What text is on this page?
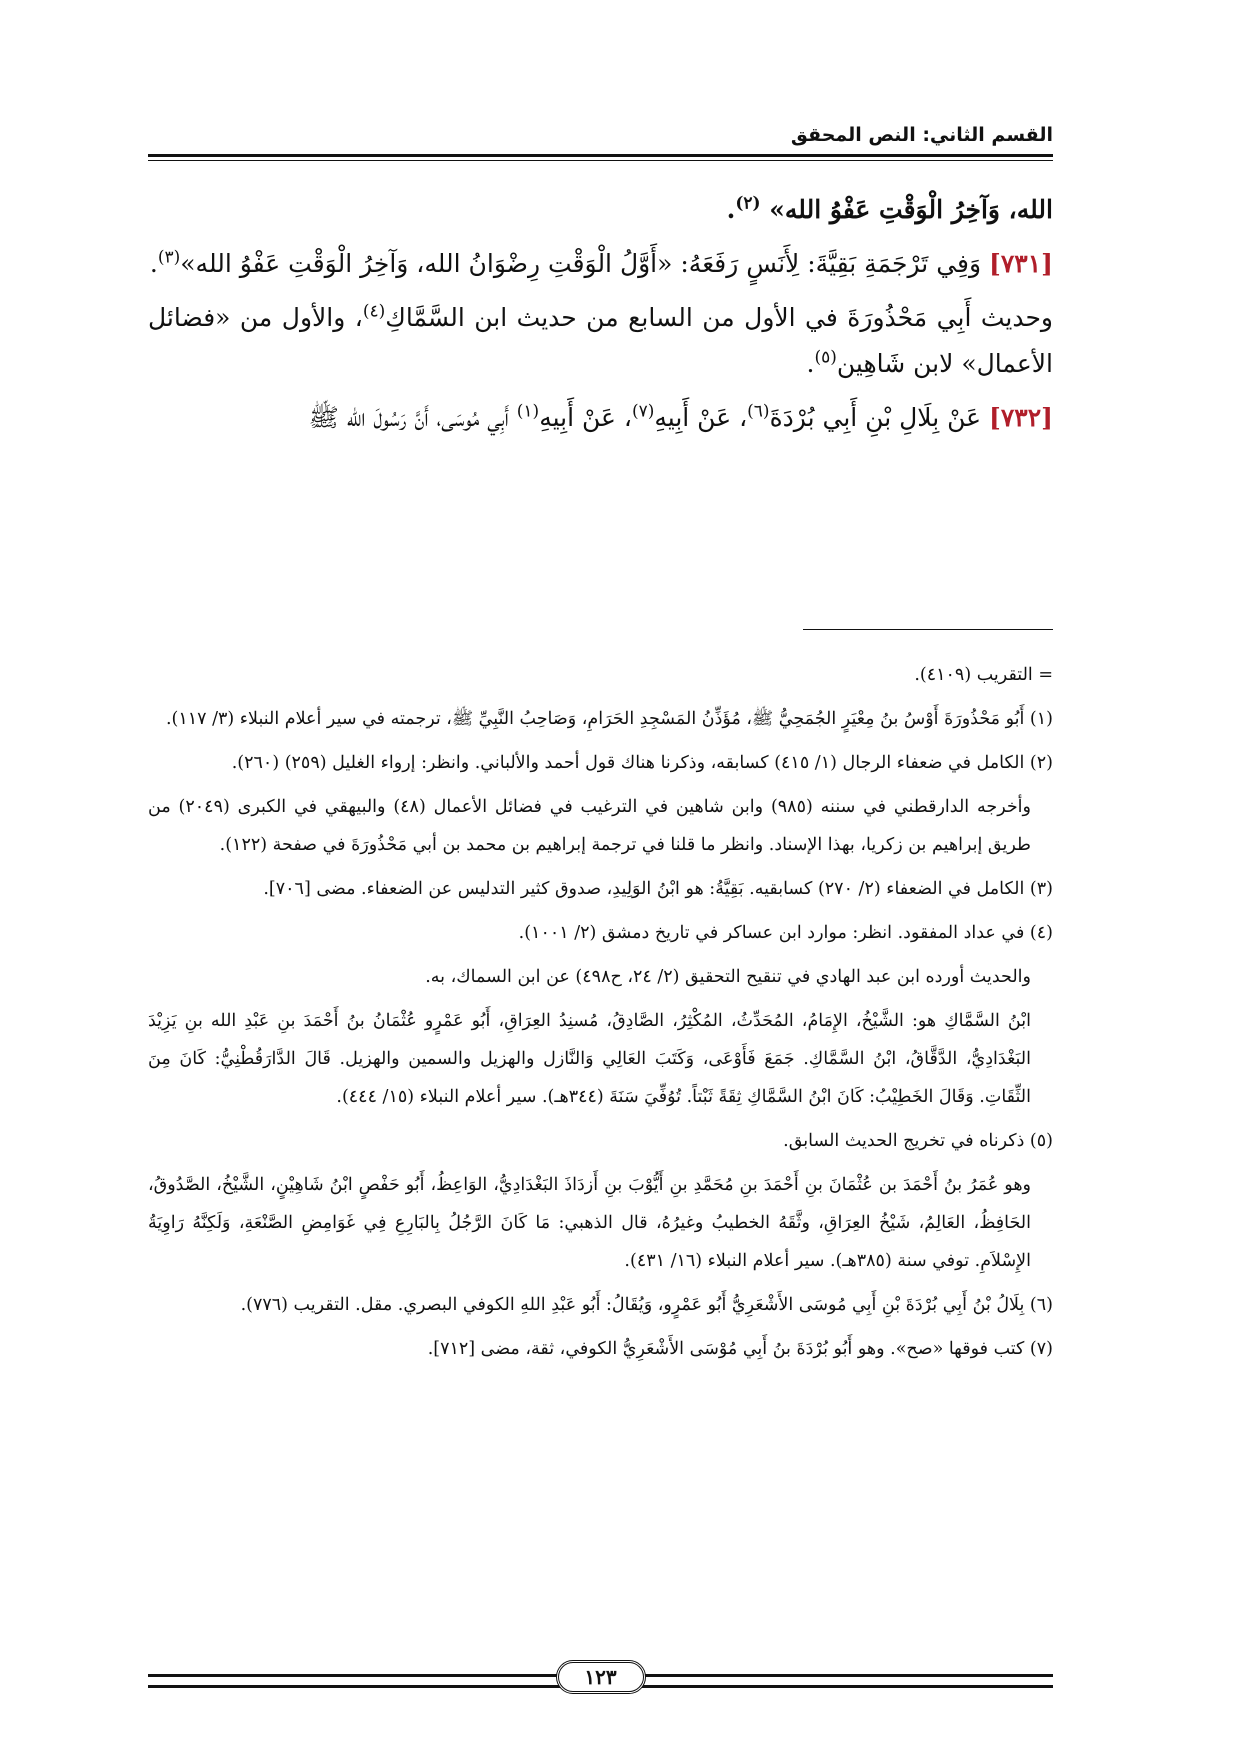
القسم الثاني: النص المحقق

الله، وَآخِرُ الْوَقْتِ عَفْوُ الله» $^{(٢)}$.

[٧٣١] وَفِي تَرْجَمَةِ بَقِيَّةَ: لِأَنَسٍ رَفَعَهُ: «أَوَّلُ الْوَقْتِ رِضْوَانُ الله، وَآخِرُ الْوَقْتِ عَفْوُ الله»$^{(٣)}$.

وحديث أَبِي مَحْذُورَةَ في الأول من السابع من حديث ابن السَّمَّاكِ$^{(٤)}$، والأول من «فضائل الأعمال» لابن شَاهِين$^{(٥)}$.

[٧٣٢] عَنْ بِلَالِ بْنِ أَبِي بُرْدَةَ$^{(٦)}$، عَنْ أَبِيهِ$^{(٧)}$، عَنْ أَبِيهِ$^{(١)}$ أَبِي مُوسَى، أَنَّ رَسُولَ الله ﷺ

= التقريب (٤١٠٩).

(١) أَبُو مَحْذُورَةَ أَوْسُ بنُ مِعْيَرٍ الجُمَحِيُّ ﷺ، مُؤَذِّنُ المَسْجِدِ الحَرَامِ، وَصَاحِبُ النَّبِيِّ ﷺ، ترجمته في سير أعلام النبلاء (٣/ ١١٧).

(٢) الكامل في ضعفاء الرجال (١/ ٤١٥) كسابقه، وذكرنا هناك قول أحمد والألباني. وانظر: إرواء الغليل (٢٥٩) (٢٦٠).

وأخرجه الدارقطني في سننه (٩٨٥) وابن شاهين في الترغيب في فضائل الأعمال (٤٨) والبيهقي في الكبرى (٢٠٤٩) من طريق إبراهيم بن زكريا، بهذا الإسناد. وانظر ما قلنا في ترجمة إبراهيم بن محمد بن أبي مَحْذُورَةَ في صفحة (١٢٢).

(٣) الكامل في الضعفاء (٢/ ٢٧٠) كسابقيه. بَقِيَّةُ: هو ابْنُ الوَلِيدِ، صدوق كثير التدليس عن الضعفاء. مضى [٧٠٦].

(٤) في عداد المفقود. انظر: موارد ابن عساكر في تاريخ دمشق (٢/ ١٠٠١).

والحديث أورده ابن عبد الهادي في تنقيح التحقيق (٢/ ٢٤، ح٤٩٨) عن ابن السماك، به.

ابْنُ السَّمَّاكِ هو: الشَّيْخُ، الإِمَامُ، المُحَدِّثُ، المُكْثِرُ، الصَّادِقُ، مُسنِدُ العِرَاقِ، أَبُو عَمْرٍو عُثْمَانُ بنُ أَحْمَدَ بنِ عَبْدِ الله بنِ يَزِيْدَ البَغْدَادِيُّ، الدَّقَّاقُ، ابْنُ السَّمَّاكِ. جَمَعَ فَأَوْعَى، وَكَتَبَ العَالِي وَالنَّازل والهزيل والسمين والهزيل. قَالَ الدَّارَقُطْنِيُّ: كَانَ مِنَ الثِّقَاتِ. وَقَالَ الخَطِيْبُ: كَانَ ابْنُ السَّمَّاكِ ثِقَةً ثَبْتاً. تُوُفِّيَ سَنَةَ (٣٤٤هـ). سير أعلام النبلاء (١٥/ ٤٤٤).

(٥) ذكرناه في تخريج الحديث السابق.

وهو عُمَرُ بنُ أَحْمَدَ بن عُثْمَانَ بنِ أَحْمَدَ بنِ مُحَمَّدِ بنِ أَيُّوْبَ بنِ أَزدَاذَ البَغْدَادِيُّ، الوَاعِظُ، أَبُو حَفْصٍ ابْنُ شَاهِيْنٍ، الشَّيْخُ، الصَّدُوقُ، الحَافِظُ، العَالِمُ، شَيْخُ العِرَاقِ، وثَّقَهُ الخطيبُ وغيرُهُ، قال الذهبي: مَا كَانَ الرَّجُلُ بِالبَارِعِ فِي غَوَامِضِ الصَّنْعَةِ، وَلَكِنَّهُ رَاوِيَةُ الإِسْلاَمِ. توفي سنة (٣٨٥هـ). سير أعلام النبلاء (١٦/ ٤٣١).

(٦) بِلَالُ بْنُ أَبِي بُرْدَةَ بْنِ أَبِي مُوسَى الأَشْعَرِيُّ أَبُو عَمْرٍو، وَيُقَالُ: أَبُو عَبْدِ اللهِ الكوفي البصري. مقل. التقريب (٧٧٦).

(٧) كتب فوقها «صح». وهو أَبُو بُرْدَةَ بنُ أَبِي مُوْسَى الأَشْعَرِيُّ الكوفي، ثقة، مضى [٧١٢].

١٢٣
